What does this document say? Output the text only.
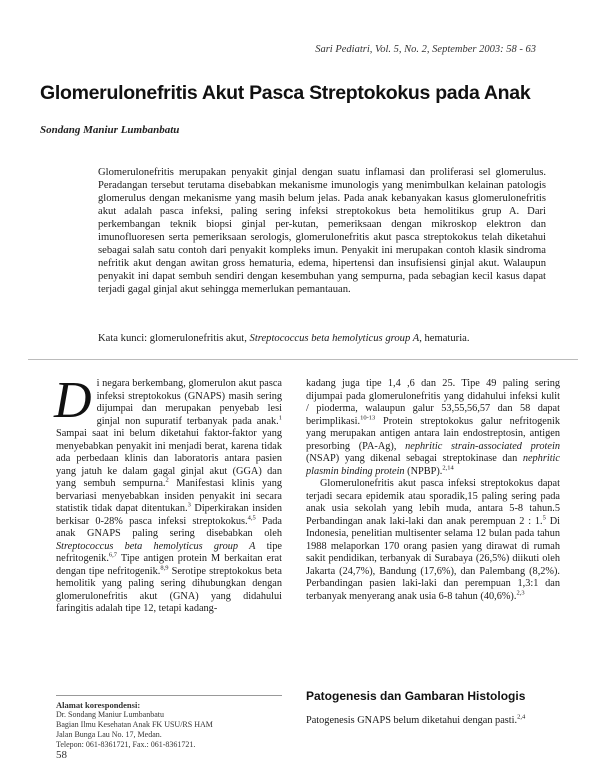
Sari Pediatri, Vol. 5, No. 2, September 2003: 58 - 63
Glomerulonefritis Akut Pasca Streptokokus pada Anak
Sondang Maniur Lumbanbatu

Glomerulonefritis merupakan penyakit ginjal dengan suatu inflamasi dan proliferasi sel glomerulus. Peradangan tersebut terutama disebabkan mekanisme imunologis yang menimbulkan kelainan patologis glomerulus dengan mekanisme yang masih belum jelas. Pada anak kebanyakan kasus glomerulonefritis akut adalah pasca infeksi, paling sering infeksi streptokokus beta hemolitikus grup A. Dari perkembangan teknik biopsi ginjal per-kutan, pemeriksaan dengan mikroskop elektron dan imunofluoresen serta pemeriksaan serologis, glomerulonefritis akut pasca streptokokus telah diketahui sebagai salah satu contoh dari penyakit kompleks imun. Penyakit ini merupakan contoh klasik sindroma nefritik akut dengan awitan gross hematuria, edema, hipertensi dan insufisiensi ginjal akut. Walaupun penyakit ini dapat sembuh sendiri dengan kesembuhan yang sempurna, pada sebagian kecil kasus dapat terjadi gagal ginjal akut sehingga memerlukan pemantauan.

Kata kunci: glomerulonefritis akut, Streptococcus beta hemolyticus group A, hematuria.

Di negara berkembang, glomerulon akut pasca infeksi streptokokus (GNAPS) masih sering dijumpai dan merupakan penyebab lesi ginjal non supuratif terbanyak pada anak.$^1$ Sampai saat ini belum diketahui faktor-faktor yang menyebabkan penyakit ini menjadi berat, karena tidak ada perbedaan klinis dan laboratoris antara pasien yang jatuh ke dalam gagal ginjal akut (GGA) dan yang sembuh sempurna.$^2$ Manifestasi klinis yang bervariasi menyebabkan insiden penyakit ini secara statistik tidak dapat ditentukan.$^3$ Diperkirakan insiden berkisar 0-28% pasca infeksi streptokokus.$^{4,5}$ Pada anak GNAPS paling sering disebabkan oleh Streptococcus beta hemolyticus group A tipe nefritogenik.$^{6,7}$ Tipe antigen protein M berkaitan erat dengan tipe nefritogenik.$^{8,9}$ Serotipe streptokokus beta hemolitik yang paling sering dihubungkan dengan glomerulonefritis akut (GNA) yang didahului faringitis adalah tipe 12, tetapi kadang-

kadang juga tipe 1,4 ,6 dan 25. Tipe 49 paling sering dijumpai pada glomerulonefritis yang didahului infeksi kulit / pioderma, walaupun galur 53,55,56,57 dan 58 dapat berimplikasi.$^{10-13}$ Protein streptokokus galur nefritogenik yang merupakan antigen antara lain endostreptosin, antigen presorbing (PA-Ag), nephritic strain-associated protein (NSAP) yang dikenal sebagai streptokinase dan nephritic plasmin binding protein (NPBP).$^{2,14}$

Glomerulonefritis akut pasca infeksi streptokokus dapat terjadi secara epidemik atau sporadik,15 paling sering pada anak usia sekolah yang lebih muda, antara 5-8 tahun.5 Perbandingan anak laki-laki dan anak perempuan 2 : 1.$^5$ Di Indonesia, penelitian multisenter selama 12 bulan pada tahun 1988 melaporkan 170 orang pasien yang dirawat di rumah sakit pendidikan, terbanyak di Surabaya (26,5%) diikuti oleh Jakarta (24,7%), Bandung (17,6%), dan Palembang (8,2%). Perbandingan pasien laki-laki dan perempuan 1,3:1 dan terbanyak menyerang anak usia 6-8 tahun (40,6%).$^{2,3}$

Alamat korespondensi:
Dr. Sondang Maniur Lumbanbatu
Bagian Ilmu Kesehatan Anak FK USU/RS HAM
Jalan Bunga Lau No. 17, Medan.
Telepon: 061-8361721, Fax.: 061-8361721.
Patogenesis dan Gambaran Histologis

Patogenesis GNAPS belum diketahui dengan pasti.$^{2,4}$

58
